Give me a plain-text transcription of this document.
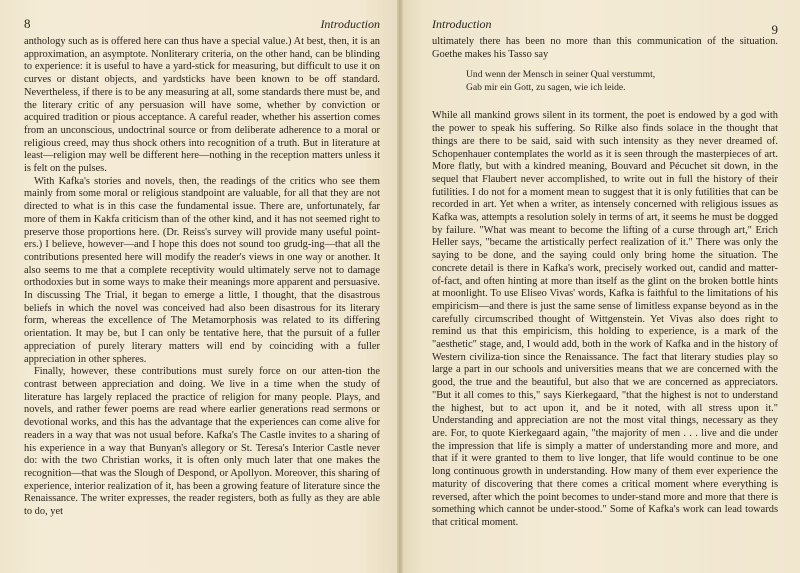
8	Introduction

anthology such as is offered here can thus have a special value.) At best, then, it is an approximation, an asymptote. Nonliterary criteria, on the other hand, can be blinding to experience: it is useful to have a yard-stick for measuring, but difficult to use it on curves or distant objects, and yardsticks have been known to be off standard. Nevertheless, if there is to be any measuring at all, some standards there must be, and the literary critic of any persuasion will have some, whether by conviction or acquired tradition or pious acceptance. A careful reader, whether his assertion comes from an unconscious, undoctrinal source or from deliberate adherence to a moral or religious creed, may thus shock others into recognition of a truth. But in literature at least—religion may well be different here—nothing in the reception matters unless it is felt on the pulses.

With Kafka's stories and novels, then, the readings of the critics who see them mainly from some moral or religious standpoint are valuable, for all that they are not directed to what is in this case the fundamental issue. There are, unfortunately, far more of them in Kakfa criticism than of the other kind, and it has not seemed right to preserve those proportions here. (Dr. Reiss's survey will provide many useful point-ers.) I believe, however—and I hope this does not sound too grudg-ing—that all the contributions presented here will modify the reader's views in one way or another. It also seems to me that a complete receptivity would ultimately serve not to damage orthodoxies but in some ways to make their meanings more apparent and persuasive. In discussing The Trial, it began to emerge a little, I thought, that the disastrous beliefs in which the novel was conceived had also been disastrous for its literary form, whereas the excellence of The Metamorphosis was related to its differing orientation. It may be, but I can only be tentative here, that the pursuit of a fuller appreciation of purely literary matters will end by coinciding with a fuller appreciation in other spheres.

Finally, however, these contributions must surely force on our atten-tion the contrast between appreciation and doing. We live in a time when the study of literature has largely replaced the practice of religion for many people. Plays, and novels, and rather fewer poems are read where earlier generations read sermons or devotional works, and this has the advantage that the experiences can come alive for readers in a way that was not usual before. Kafka's The Castle invites to a sharing of his experience in a way that Bunyan's allegory or St. Teresa's Interior Castle never do: with the two Christian works, it is often only much later that one makes the recognition—that was the Slough of Despond, or Apollyon. Moreover, this sharing of experience, interior realization of it, has been a growing feature of literature since the Renaissance. The writer expresses, the reader registers, both as fully as they are able to do, yet

Introduction	9

ultimately there has been no more than this communication of the situation. Goethe makes his Tasso say

Und wenn der Mensch in seiner Qual verstummt,
Gab mir ein Gott, zu sagen, wie ich leide.

While all mankind grows silent in its torment, the poet is endowed by a god with the power to speak his suffering. So Rilke also finds solace in the thought that things are there to be said, said with such intensity as they never dreamed of. Schopenhauer contemplates the world as it is seen through the masterpieces of art. More flatly, but with a kindred meaning, Bouvard and Pécuchet sit down, in the sequel that Flaubert never accomplished, to write out in full the history of their futilities. I do not for a moment mean to suggest that it is only futilities that can be recorded in art. Yet when a writer, as intensely concerned with religious issues as Kafka was, attempts a resolution solely in terms of art, it seems he must be dogged by failure. "What was meant to become the lifting of a curse through art," Erich Heller says, "became the artistically perfect realization of it." There was only the saying to be done, and the saying could only bring home the situation. The concrete detail is there in Kafka's work, precisely worked out, candid and matter-of-fact, and often hinting at more than itself as the glint on the broken bottle hints at moonlight. To use Eliseo Vivas' words, Kafka is faithful to the limitations of his empiricism—and there is just the same sense of limitless expanse beyond as in the carefully circumscribed thought of Wittgenstein. Yet Vivas also does right to remind us that this empiricism, this holding to experience, is a mark of the "aesthetic" stage, and, I would add, both in the work of Kafka and in the history of Western civiliza-tion since the Renaissance. The fact that literary studies play so large a part in our schools and universities means that we are concerned with the good, the true and the beautiful, but also that we are concerned as appreciators. "But it all comes to this," says Kierkegaard, "that the highest is not to understand the highest, but to act upon it, and be it noted, with all stress upon it." Understanding and appreciation are not the most vital things, necessary as they are. For, to quote Kierkegaard again, "the majority of men . . . live and die under the impression that life is simply a matter of understanding more and more, and that if it were granted to them to live longer, that life would continue to be one long continuous growth in understanding. How many of them ever experience the maturity of discovering that there comes a critical moment where everything is reversed, after which the point becomes to under-stand more and more that there is something which cannot be under-stood." Some of Kafka's work can lead towards that critical moment.
